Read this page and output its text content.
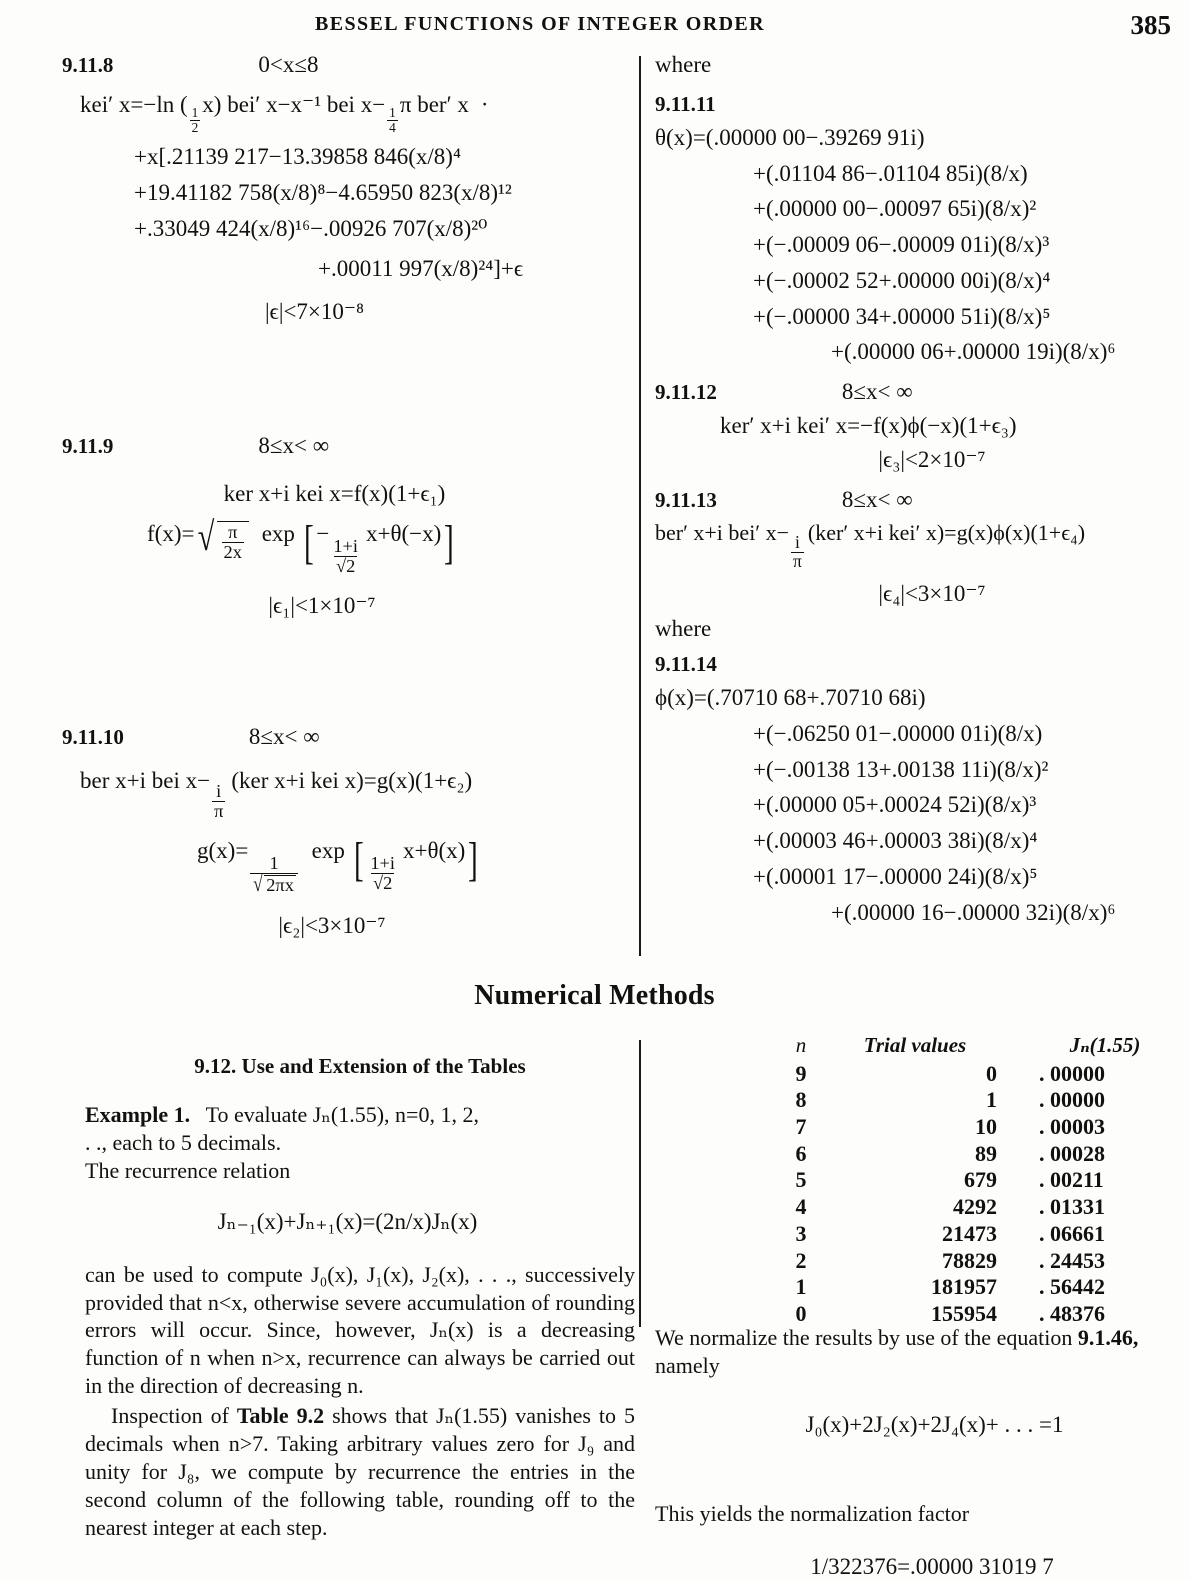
BESSEL FUNCTIONS OF INTEGER ORDER	385
9.11.8	0<x≤8
kei′ x=−ln (
$\frac{1}{2}$
x) bei′ x−x⁻¹ bei x−
$\frac{1}{4}$
π ber′ x ·
+x[.21139 217−13.39858 846(x/8)⁴
+19.41182 758(x/8)⁸−4.65950 823(x/8)¹²
+.33049 424(x/8)¹⁶−.00926 707(x/8)²⁰
+.00011 997(x/8)²⁴]+ϵ
|ϵ|<7×10⁻⁸
9.11.9	8≤x< ∞
ker x+i kei x=f(x)(1+ϵ₁)
f(x)= √ $\frac{\pi}{2x}$ exp [ −
$\frac{1+i}{√2}$
x+θ(−x)]
|ϵ₁|<1×10⁻⁷
9.11.10	8≤x< ∞
ber x+i bei x−
$\frac{i}{\pi}$
(ker x+i kei x)=g(x)(1+ϵ₂)
g(x)=
$\frac{1}{√ 2\pi x}$
exp [ $\frac{1+i}{√2}$
x+θ(x)]
|ϵ₂|<3×10⁻⁷
where
9.11.11
θ(x)=(.00000 00−.39269 91i)
+(.01104 86−.01104 85i)(8/x)
+(.00000 00−.00097 65i)(8/x)²
+(−.00009 06−.00009 01i)(8/x)³
+(−.00002 52+.00000 00i)(8/x)⁴
+(−.00000 34+.00000 51i)(8/x)⁵
+(.00000 06+.00000 19i)(8/x)⁶
9.11.12	8≤x< ∞
ker′ x+i kei′ x=−f(x)ϕ(−x)(1+ϵ₃)
|ϵ₃|<2×10⁻⁷
9.11.13	8≤x< ∞
ber′ x+i bei′ x−
$\frac{i}{\pi}$
(ker′ x+i kei′ x)=g(x)ϕ(x)(1+ϵ₄)
|ϵ₄|<3×10⁻⁷
where
9.11.14
ϕ(x)=(.70710 68+.70710 68i)
+(−.06250 01−.00000 01i)(8/x)
+(−.00138 13+.00138 11i)(8/x)²
+(.00000 05+.00024 52i)(8/x)³
+(.00003 46+.00003 38i)(8/x)⁴
+(.00001 17−.00000 24i)(8/x)⁵
+(.00000 16−.00000 32i)(8/x)⁶
Numerical Methods
9.12. Use and Extension of the Tables
Example 1. To evaluate Jₙ(1.55), n=0, 1, 2,
. ., each to 5 decimals.
The recurrence relation
Jₙ₋₁(x)+Jₙ₊₁(x)=(2n/x)Jₙ(x)
can be used to compute J₀(x), J₁(x), J₂(x), . . ., successively provided that n<x, otherwise severe accumulation of rounding errors will occur. Since, however, Jₙ(x) is a decreasing function of n when n>x, recurrence can always be carried out in the direction of decreasing n.
Inspection of Table 9.2 shows that Jₙ(1.55) vanishes to 5 decimals when n>7. Taking arbitrary values zero for J₉ and unity for J₈, we compute by recurrence the entries in the second column of the following table, rounding off to the nearest integer at each step.
n	Trial values	Jₙ(1.55)
9	0	. 00000
8	1	. 00000
7	10	. 00003
6	89	. 00028
5	679	. 00211
4	4292	. 01331
3	21473	. 06661
2	78829	. 24453
1	181957	. 56442
0	155954	. 48376
We normalize the results by use of the equation 9.1.46, namely
J₀(x)+2J₂(x)+2J₄(x)+ . . . =1
This yields the normalization factor
1/322376=.00000 31019 7
